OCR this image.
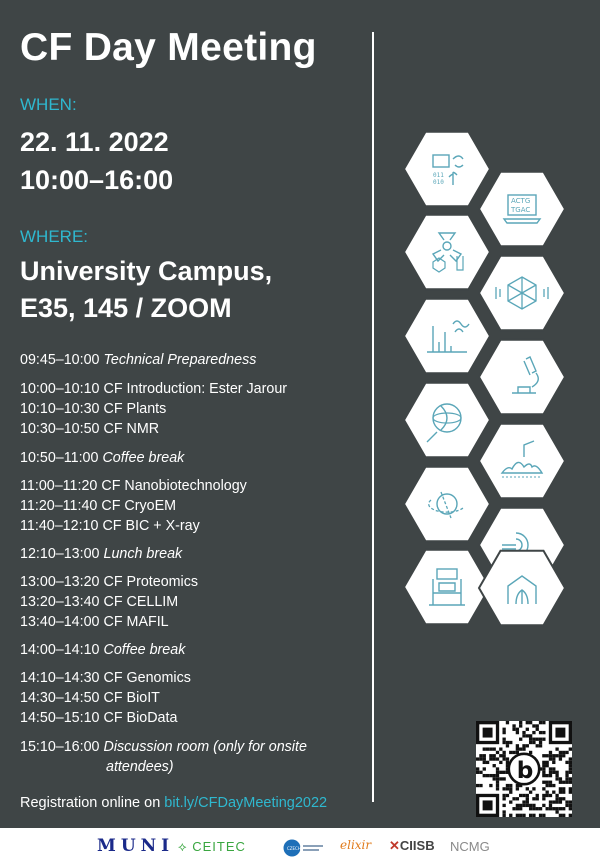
CF Day Meeting
WHEN:
22. 11. 2022
10:00–16:00
WHERE:
University Campus,
E35, 145 / ZOOM
09:45–10:00 Technical Preparedness
10:00–10:10 CF Introduction: Ester Jarour
10:10–10:30 CF Plants
10:30–10:50 CF NMR
10:50–11:00 Coffee break
11:00–11:20 CF Nanobiotechnology
11:20–11:40 CF CryoEM
11:40–12:10 CF BIC + X-ray
12:10–13:00 Lunch break
13:00–13:20 CF Proteomics
13:20–13:40 CF CELLIM
13:40–14:00 CF MAFIL
14:00–14:10 Coffee break
14:10–14:30 CF Genomics
14:30–14:50 CF BioIT
14:50–15:10 CF BioData
15:10–16:00 Discussion room (only for onsite
attendees)
Registration online on bit.ly/CFDayMeeting2022
011
010
ACTG
TGAC
b
MUNI ⟡ CEITEC	CZECH	elixir ✕CIISB NCMG
